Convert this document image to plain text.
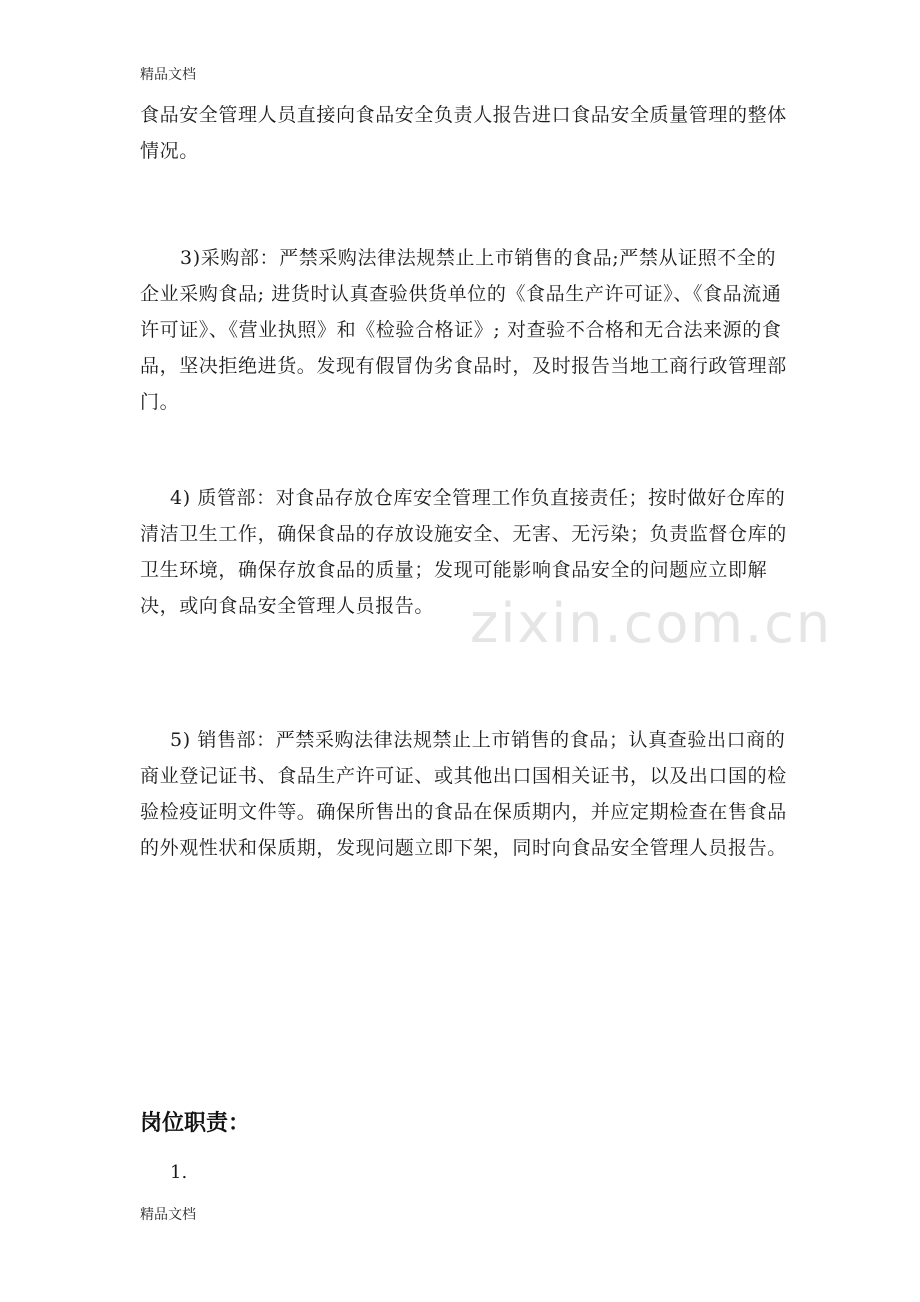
精品文档
食品安全管理人员直接向食品安全负责人报告进口食品安全质量管理的整体情况。
3)采购部：严禁采购法律法规禁止上市销售的食品;严禁从证照不全的企业采购食品; 进货时认真查验供货单位的《食品生产许可证》、《食品流通许可证》、《营业执照》和《检验合格证》; 对查验不合格和无合法来源的食品，坚决拒绝进货。发现有假冒伪劣食品时，及时报告当地工商行政管理部门。
4) 质管部：对食品存放仓库安全管理工作负直接责任；按时做好仓库的清洁卫生工作，确保食品的存放设施安全、无害、无污染；负责监督仓库的卫生环境，确保存放食品的质量；发现可能影响食品安全的问题应立即解决，或向食品安全管理人员报告。 zixin.com.cn
5) 销售部：严禁采购法律法规禁止上市销售的食品；认真查验出口商的商业登记证书、食品生产许可证、或其他出口国相关证书，以及出口国的检验检疫证明文件等。确保所售出的食品在保质期内，并应定期检查在售食品的外观性状和保质期，发现问题立即下架，同时向食品安全管理人员报告。
岗位职责：
1.
精品文档
